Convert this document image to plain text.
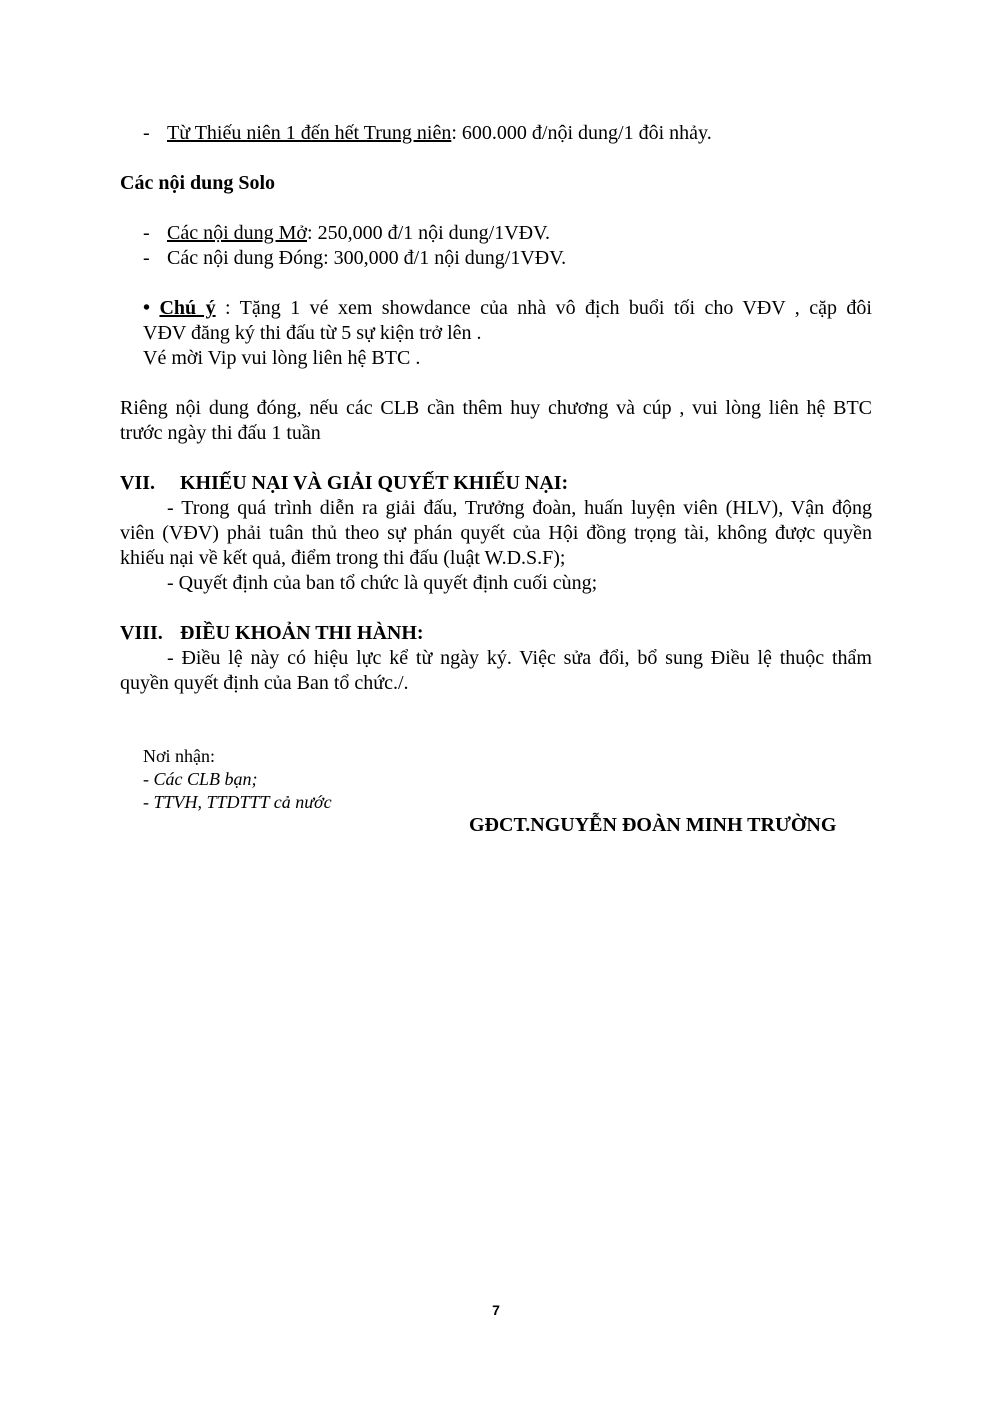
- Từ Thiếu niên 1 đến hết Trung niên: 600.000 đ/nội dung/1 đôi nhảy.
Các nội dung Solo
- Các nội dung Mở: 250,000 đ/1 nội dung/1VĐV.
- Các nội dung Đóng: 300,000 đ/1 nội dung/1VĐV.
• Chú ý : Tặng 1 vé xem showdance của nhà vô địch buổi tối cho VĐV , cặp đôi
VĐV đăng ký thi đấu từ 5 sự kiện trở lên .
Vé mời Vip vui lòng liên hệ BTC .
Riêng nội dung đóng, nếu các CLB cần thêm huy chương và cúp , vui lòng liên hệ BTC
trước ngày thi đấu 1 tuần
VII. KHIẾU NẠI VÀ GIẢI QUYẾT KHIẾU NẠI:
- Trong quá trình diễn ra giải đấu, Trưởng đoàn, huấn luyện viên (HLV), Vận động
viên (VĐV) phải tuân thủ theo sự phán quyết của Hội đồng trọng tài, không được quyền
khiếu nại về kết quả, điểm trong thi đấu (luật W.D.S.F);
- Quyết định của ban tổ chức là quyết định cuối cùng;
VIII. ĐIỀU KHOẢN THI HÀNH:
- Điều lệ này có hiệu lực kể từ ngày ký. Việc sửa đổi, bổ sung Điều lệ thuộc thẩm
quyền quyết định của Ban tổ chức./.
Nơi nhận:
- Các CLB bạn;
- TTVH, TTDTTT cả nước
GĐCT.NGUYỄN ĐOÀN MINH TRƯỜNG
7
